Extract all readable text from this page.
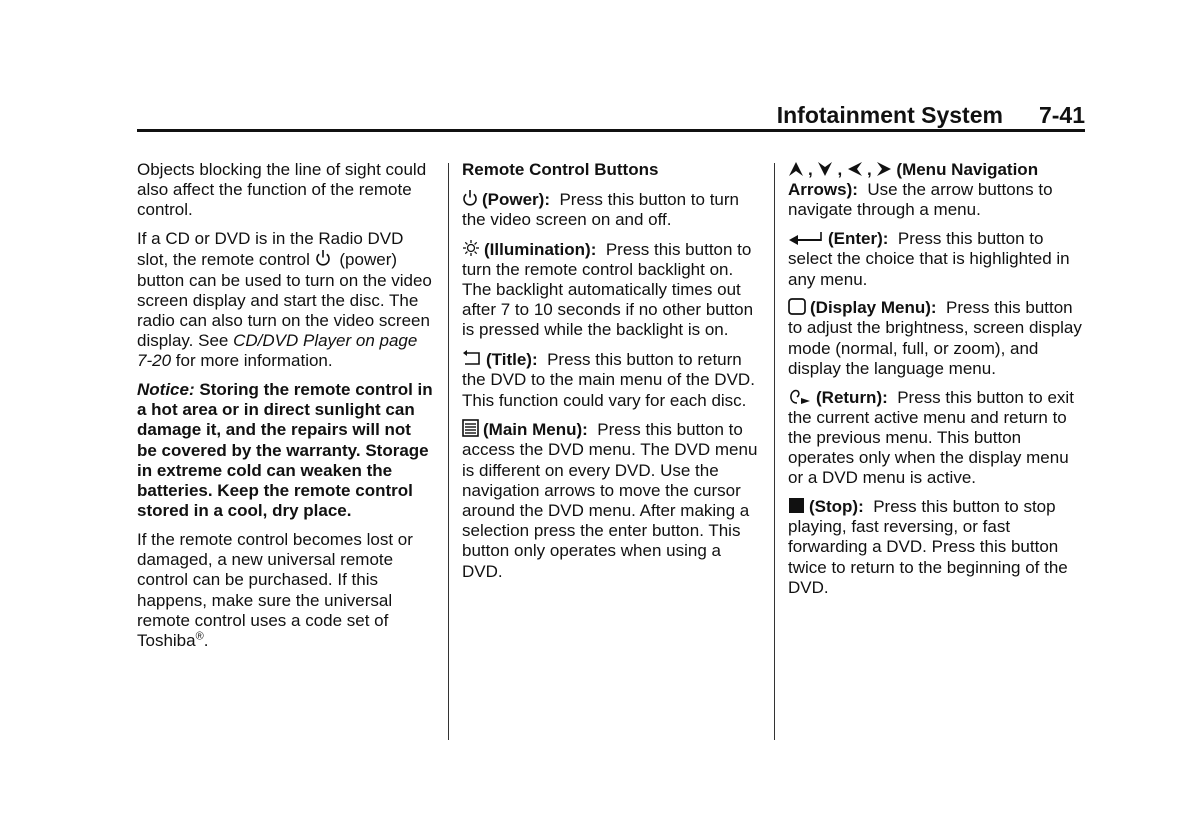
Infotainment System 7-41

Objects blocking the line of sight could also affect the function of the remote control.

If a CD or DVD is in the Radio DVD slot, the remote control (power) button can be used to turn on the video screen display and start the disc. The radio can also turn on the video screen display. See CD/DVD Player on page 7-20 for more information.

Notice: Storing the remote control in a hot area or in direct sunlight can damage it, and the repairs will not be covered by the warranty. Storage in extreme cold can weaken the batteries. Keep the remote control stored in a cool, dry place.

If the remote control becomes lost or damaged, a new universal remote control can be purchased. If this happens, make sure the universal remote control uses a code set of Toshiba®.

Remote Control Buttons

(Power): Press this button to turn the video screen on and off.

(Illumination): Press this button to turn the remote control backlight on. The backlight automatically times out after 7 to 10 seconds if no other button is pressed while the backlight is on.

(Title): Press this button to return the DVD to the main menu of the DVD. This function could vary for each disc.

(Main Menu): Press this button to access the DVD menu. The DVD menu is different on every DVD. Use the navigation arrows to move the cursor around the DVD menu. After making a selection press the enter button. This button only operates when using a DVD.

, , , (Menu Navigation Arrows): Use the arrow buttons to navigate through a menu.

(Enter): Press this button to select the choice that is highlighted in any menu.

(Display Menu): Press this button to adjust the brightness, screen display mode (normal, full, or zoom), and display the language menu.

(Return): Press this button to exit the current active menu and return to the previous menu. This button operates only when the display menu or a DVD menu is active.

(Stop): Press this button to stop playing, fast reversing, or fast forwarding a DVD. Press this button twice to return to the beginning of the DVD.
